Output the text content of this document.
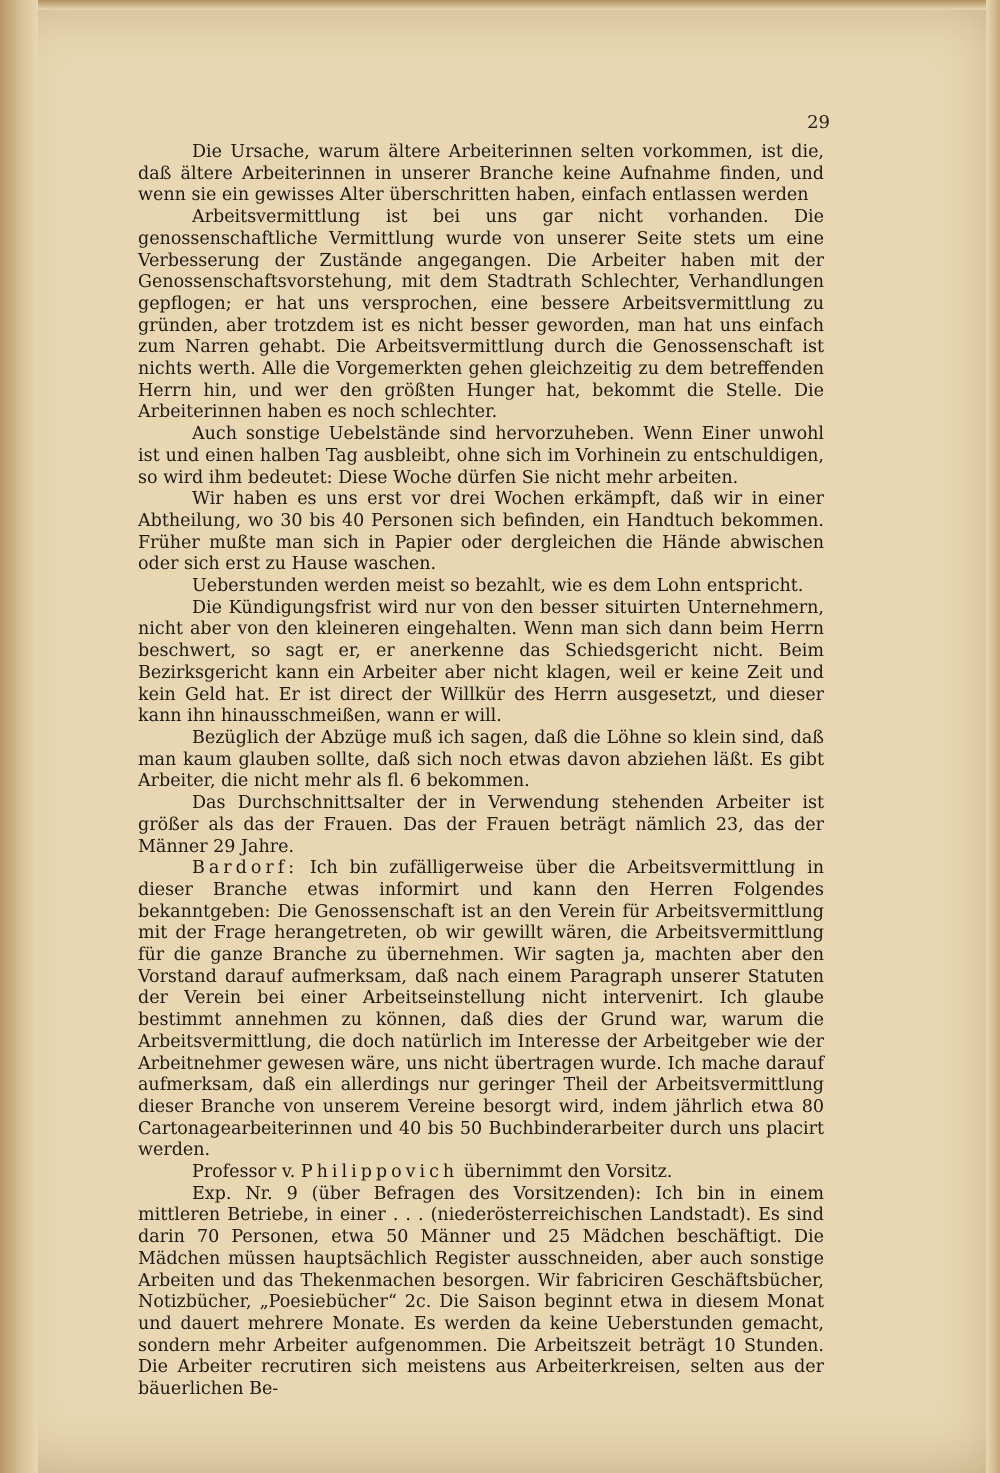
29

Die Ursache, warum ältere Arbeiterinnen selten vorkommen, ist die, daß ältere Arbeiterinnen in unserer Branche keine Aufnahme finden, und wenn sie ein gewisses Alter überschritten haben, einfach entlassen werden

Arbeitsvermittlung ist bei uns gar nicht vorhanden. Die genossenschaftliche Vermittlung wurde von unserer Seite stets um eine Verbesserung der Zustände angegangen. Die Arbeiter haben mit der Genossenschaftsvorstehung, mit dem Stadtrath Schlechter, Verhandlungen gepflogen; er hat uns versprochen, eine bessere Arbeitsvermittlung zu gründen, aber trotzdem ist es nicht besser geworden, man hat uns einfach zum Narren gehabt. Die Arbeitsvermittlung durch die Genossenschaft ist nichts werth. Alle die Vorgemerkten gehen gleichzeitig zu dem betreffenden Herrn hin, und wer den größten Hunger hat, bekommt die Stelle. Die Arbeiterinnen haben es noch schlechter.

Auch sonstige Uebelstände sind hervorzuheben. Wenn Einer unwohl ist und einen halben Tag ausbleibt, ohne sich im Vorhinein zu entschuldigen, so wird ihm bedeutet: Diese Woche dürfen Sie nicht mehr arbeiten.

Wir haben es uns erst vor drei Wochen erkämpft, daß wir in einer Abtheilung, wo 30 bis 40 Personen sich befinden, ein Handtuch bekommen. Früher mußte man sich in Papier oder dergleichen die Hände abwischen oder sich erst zu Hause waschen.

Ueberstunden werden meist so bezahlt, wie es dem Lohn entspricht.

Die Kündigungsfrist wird nur von den besser situirten Unternehmern, nicht aber von den kleineren eingehalten. Wenn man sich dann beim Herrn beschwert, so sagt er, er anerkenne das Schiedsgericht nicht. Beim Bezirksgericht kann ein Arbeiter aber nicht klagen, weil er keine Zeit und kein Geld hat. Er ist direct der Willkür des Herrn ausgesetzt, und dieser kann ihn hinausschmeißen, wann er will.

Bezüglich der Abzüge muß ich sagen, daß die Löhne so klein sind, daß man kaum glauben sollte, daß sich noch etwas davon abziehen läßt. Es gibt Arbeiter, die nicht mehr als fl. 6 bekommen.

Das Durchschnittsalter der in Verwendung stehenden Arbeiter ist größer als das der Frauen. Das der Frauen beträgt nämlich 23, das der Männer 29 Jahre.

Bardorf: Ich bin zufälligerweise über die Arbeitsvermittlung in dieser Branche etwas informirt und kann den Herren Folgendes bekanntgeben: Die Genossenschaft ist an den Verein für Arbeitsvermittlung mit der Frage herangetreten, ob wir gewillt wären, die Arbeitsvermittlung für die ganze Branche zu übernehmen. Wir sagten ja, machten aber den Vorstand darauf aufmerksam, daß nach einem Paragraph unserer Statuten der Verein bei einer Arbeitseinstellung nicht intervenirt. Ich glaube bestimmt annehmen zu können, daß dies der Grund war, warum die Arbeitsvermittlung, die doch natürlich im Interesse der Arbeitgeber wie der Arbeitnehmer gewesen wäre, uns nicht übertragen wurde. Ich mache darauf aufmerksam, daß ein allerdings nur geringer Theil der Arbeitsvermittlung dieser Branche von unserem Vereine besorgt wird, indem jährlich etwa 80 Cartonagearbeiterinnen und 40 bis 50 Buchbinderarbeiter durch uns placirt werden.

Professor v. Philippovich übernimmt den Vorsitz.

Exp. Nr. 9 (über Befragen des Vorsitzenden): Ich bin in einem mittleren Betriebe, in einer . . . (niederösterreichischen Landstadt). Es sind darin 70 Personen, etwa 50 Männer und 25 Mädchen beschäftigt. Die Mädchen müssen hauptsächlich Register ausschneiden, aber auch sonstige Arbeiten und das Thekenmachen besorgen. Wir fabriciren Geschäftsbücher, Notizbücher, „Poesiebücher“ 2c. Die Saison beginnt etwa in diesem Monat und dauert mehrere Monate. Es werden da keine Ueberstunden gemacht, sondern mehr Arbeiter aufgenommen. Die Arbeitszeit beträgt 10 Stunden. Die Arbeiter recrutiren sich meistens aus Arbeiterkreisen, selten aus der bäuerlichen Be-
